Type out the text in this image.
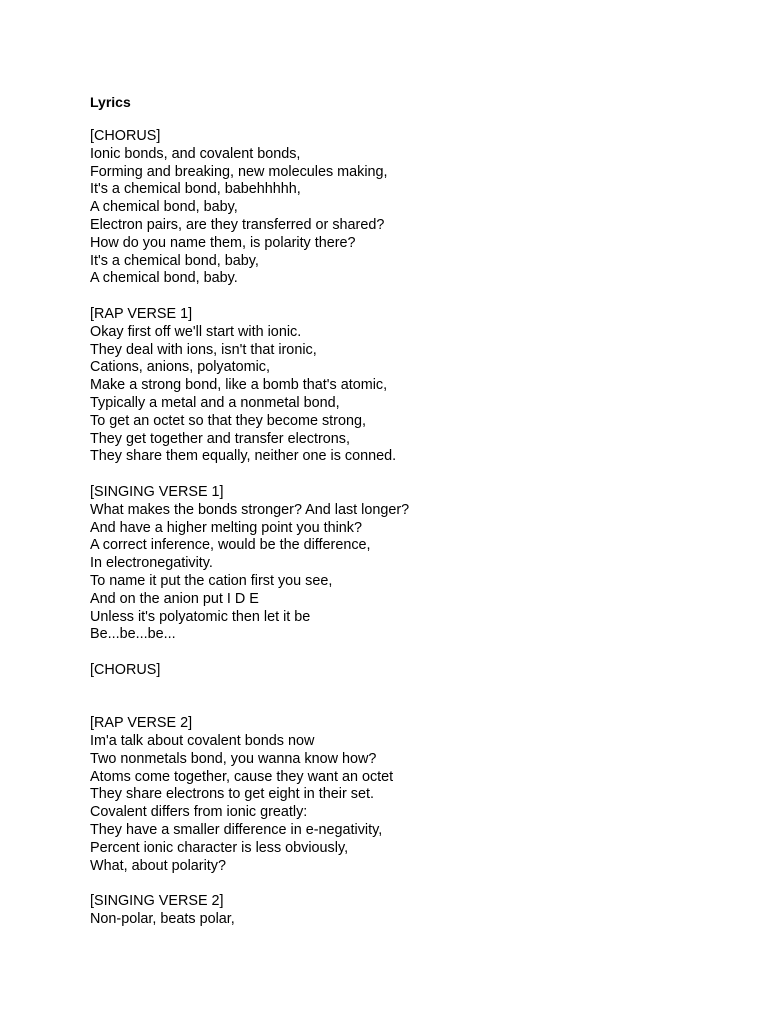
Lyrics
[CHORUS]
Ionic bonds, and covalent bonds,
Forming and breaking, new molecules making,
It's a chemical bond, babehhhhh,
A chemical bond, baby,
Electron pairs, are they transferred or shared?
How do you name them, is polarity there?
It's a chemical bond, baby,
A chemical bond, baby.
[RAP VERSE 1]
Okay first off we'll start with ionic.
They deal with ions, isn't that ironic,
Cations, anions, polyatomic,
Make a strong bond, like a bomb that's atomic,
Typically a metal and a nonmetal bond,
To get an octet so that they become strong,
They get together and transfer electrons,
They share them equally, neither one is conned.
[SINGING VERSE 1]
What makes the bonds stronger? And last longer?
And have a higher melting point you think?
A correct inference, would be the difference,
In electronegativity.
To name it put the cation first you see,
And on the anion put I D E
Unless it's polyatomic then let it be
Be...be...be...
[CHORUS]
[RAP VERSE 2]
Im'a talk about covalent bonds now
Two nonmetals bond, you wanna know how?
Atoms come together, cause they want an octet
They share electrons to get eight in their set.
Covalent differs from ionic greatly:
They have a smaller difference in e-negativity,
Percent ionic character is less obviously,
What, about polarity?
[SINGING VERSE 2]
Non-polar, beats polar,
